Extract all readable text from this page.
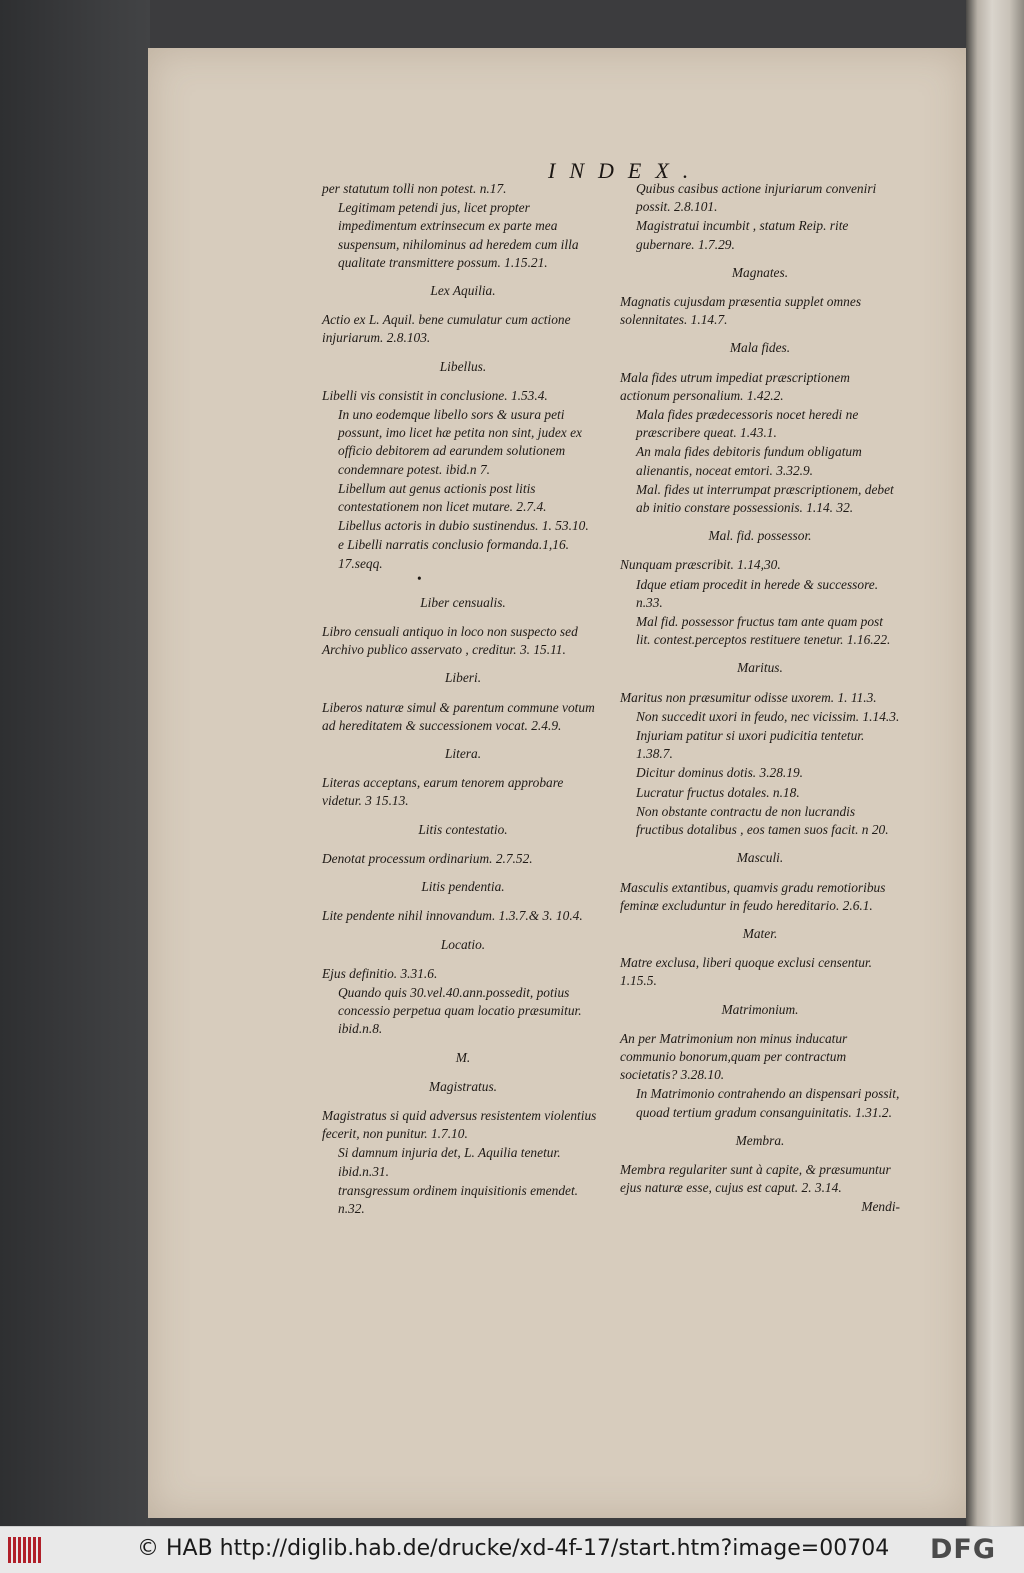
INDEX.
per statutum tolli non potest. n.17.
Legitimam petendi jus, licet propter impedimentum extrinsecum ex parte mea suspensum, nihilominus ad heredem cum illa qualitate transmittere possum. 1.15.21.
Lex Aquilia.
Actio ex L. Aquil. bene cumulatur cum actione injuriarum. 2.8.103.
Libellus.
Libelli vis consistit in conclusione. 1.53.4.
In uno eodemque libello sors & usura peti possunt, imo licet hæ petita non sint, judex ex officio debitorem ad earundem solutionem condemnare potest. ibid.n 7.
Libellum aut genus actionis post litis contestationem non licet mutare. 2.7.4.
Libellus actoris in dubio sustinendus. 1. 53.10.
e Libelli narratis conclusio formanda.1,16. 17.seqq.
•
Liber censualis.
Libro censuali antiquo in loco non suspecto sed Archivo publico asservato , creditur. 3. 15.11.
Liberi.
Liberos naturæ simul & parentum commune votum ad hereditatem & successionem vocat. 2.4.9.
Litera.
Literas acceptans, earum tenorem approbare videtur. 3 15.13.
Litis contestatio.
Denotat processum ordinarium. 2.7.52.
Litis pendentia.
Lite pendente nihil innovandum. 1.3.7.& 3. 10.4.
Locatio.
Ejus definitio. 3.31.6.
Quando quis 30.vel.40.ann.possedit, potius concessio perpetua quam locatio præsumitur. ibid.n.8.
M.
Magistratus.
Magistratus si quid adversus resistentem violentius fecerit, non punitur. 1.7.10.
Si damnum injuria det, L. Aquilia tenetur. ibid.n.31.
transgressum ordinem inquisitionis emendet. n.32.
Quibus casibus actione injuriarum conveniri possit. 2.8.101.
Magistratui incumbit , statum Reip. rite gubernare. 1.7.29.
Magnates.
Magnatis cujusdam præsentia supplet omnes solennitates. 1.14.7.
Mala fides.
Mala fides utrum impediat præscriptionem actionum personalium. 1.42.2.
Mala fides prædecessoris nocet heredi ne præscribere queat. 1.43.1.
An mala fides debitoris fundum obligatum alienantis, noceat emtori. 3.32.9.
Mal. fides ut interrumpat præscriptionem, debet ab initio constare possessionis. 1.14. 32.
Mal. fid. possessor.
Nunquam præscribit. 1.14,30.
Idque etiam procedit in herede & successore. n.33.
Mal fid. possessor fructus tam ante quam post lit. contest.perceptos restituere tenetur. 1.16.22.
Maritus.
Maritus non præsumitur odisse uxorem. 1. 11.3.
Non succedit uxori in feudo, nec vicissim. 1.14.3.
Injuriam patitur si uxori pudicitia tentetur. 1.38.7.
Dicitur dominus dotis. 3.28.19.
Lucratur fructus dotales. n.18.
Non obstante contractu de non lucrandis fructibus dotalibus , eos tamen suos facit. n 20.
Masculi.
Masculis extantibus, quamvis gradu remotioribus feminæ excluduntur in feudo hereditario. 2.6.1.
Mater.
Matre exclusa, liberi quoque exclusi censentur. 1.15.5.
Matrimonium.
An per Matrimonium non minus inducatur communio bonorum,quam per contractum societatis? 3.28.10.
In Matrimonio contrahendo an dispensari possit, quoad tertium gradum consanguinitatis. 1.31.2.
Membra.
Membra regulariter sunt à capite, & præsumuntur ejus naturæ esse, cujus est caput. 2. 3.14.
Mendi-
© HAB http://diglib.hab.de/drucke/xd-4f-17/start.htm?image=00704 DFG
